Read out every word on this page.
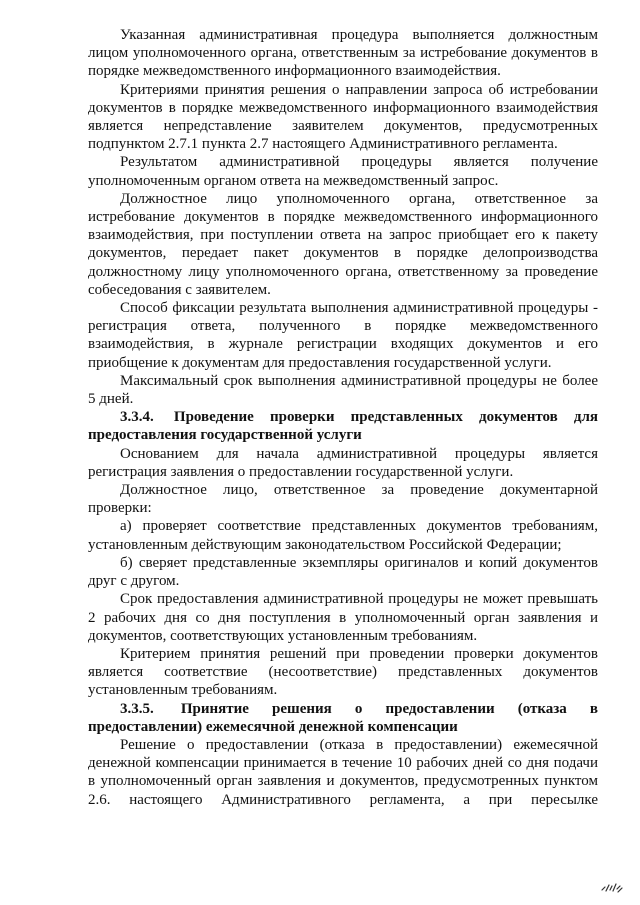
Указанная административная процедура выполняется должностным лицом уполномоченного органа, ответственным за истребование документов в порядке межведомственного информационного взаимодействия.

Критериями принятия решения о направлении запроса об истребовании документов в порядке межведомственного информационного взаимодействия является непредставление заявителем документов, предусмотренных подпунктом 2.7.1 пункта 2.7 настоящего Административного регламента.

Результатом административной процедуры является получение уполномоченным органом ответа на межведомственный запрос.

Должностное лицо уполномоченного органа, ответственное за истребование документов в порядке межведомственного информационного взаимодействия, при поступлении ответа на запрос приобщает его к пакету документов, передает пакет документов в порядке делопроизводства должностному лицу уполномоченного органа, ответственному за проведение собеседования с заявителем.

Способ фиксации результата выполнения административной процедуры - регистрация ответа, полученного в порядке межведомственного взаимодействия, в журнале регистрации входящих документов и его приобщение к документам для предоставления государственной услуги.

Максимальный срок выполнения административной процедуры не более 5 дней.

3.3.4. Проведение проверки представленных документов для предоставления государственной услуги

Основанием для начала административной процедуры является регистрация заявления о предоставлении государственной услуги.

Должностное лицо, ответственное за проведение документарной проверки:

а) проверяет соответствие представленных документов требованиям, установленным действующим законодательством Российской Федерации;

б) сверяет представленные экземпляры оригиналов и копий документов друг с другом.

Срок предоставления административной процедуры не может превышать 2 рабочих дня со дня поступления в уполномоченный орган заявления и документов, соответствующих установленным требованиям.

Критерием принятия решений при проведении проверки документов является соответствие (несоответствие) представленных документов установленным требованиям.

3.3.5. Принятие решения о предоставлении (отказа в предоставлении) ежемесячной денежной компенсации

Решение о предоставлении (отказа в предоставлении) ежемесячной денежной компенсации принимается в течение 10 рабочих дней со дня подачи в уполномоченный орган заявления и документов, предусмотренных пунктом 2.6. настоящего Административного регламента, а при пересылке
